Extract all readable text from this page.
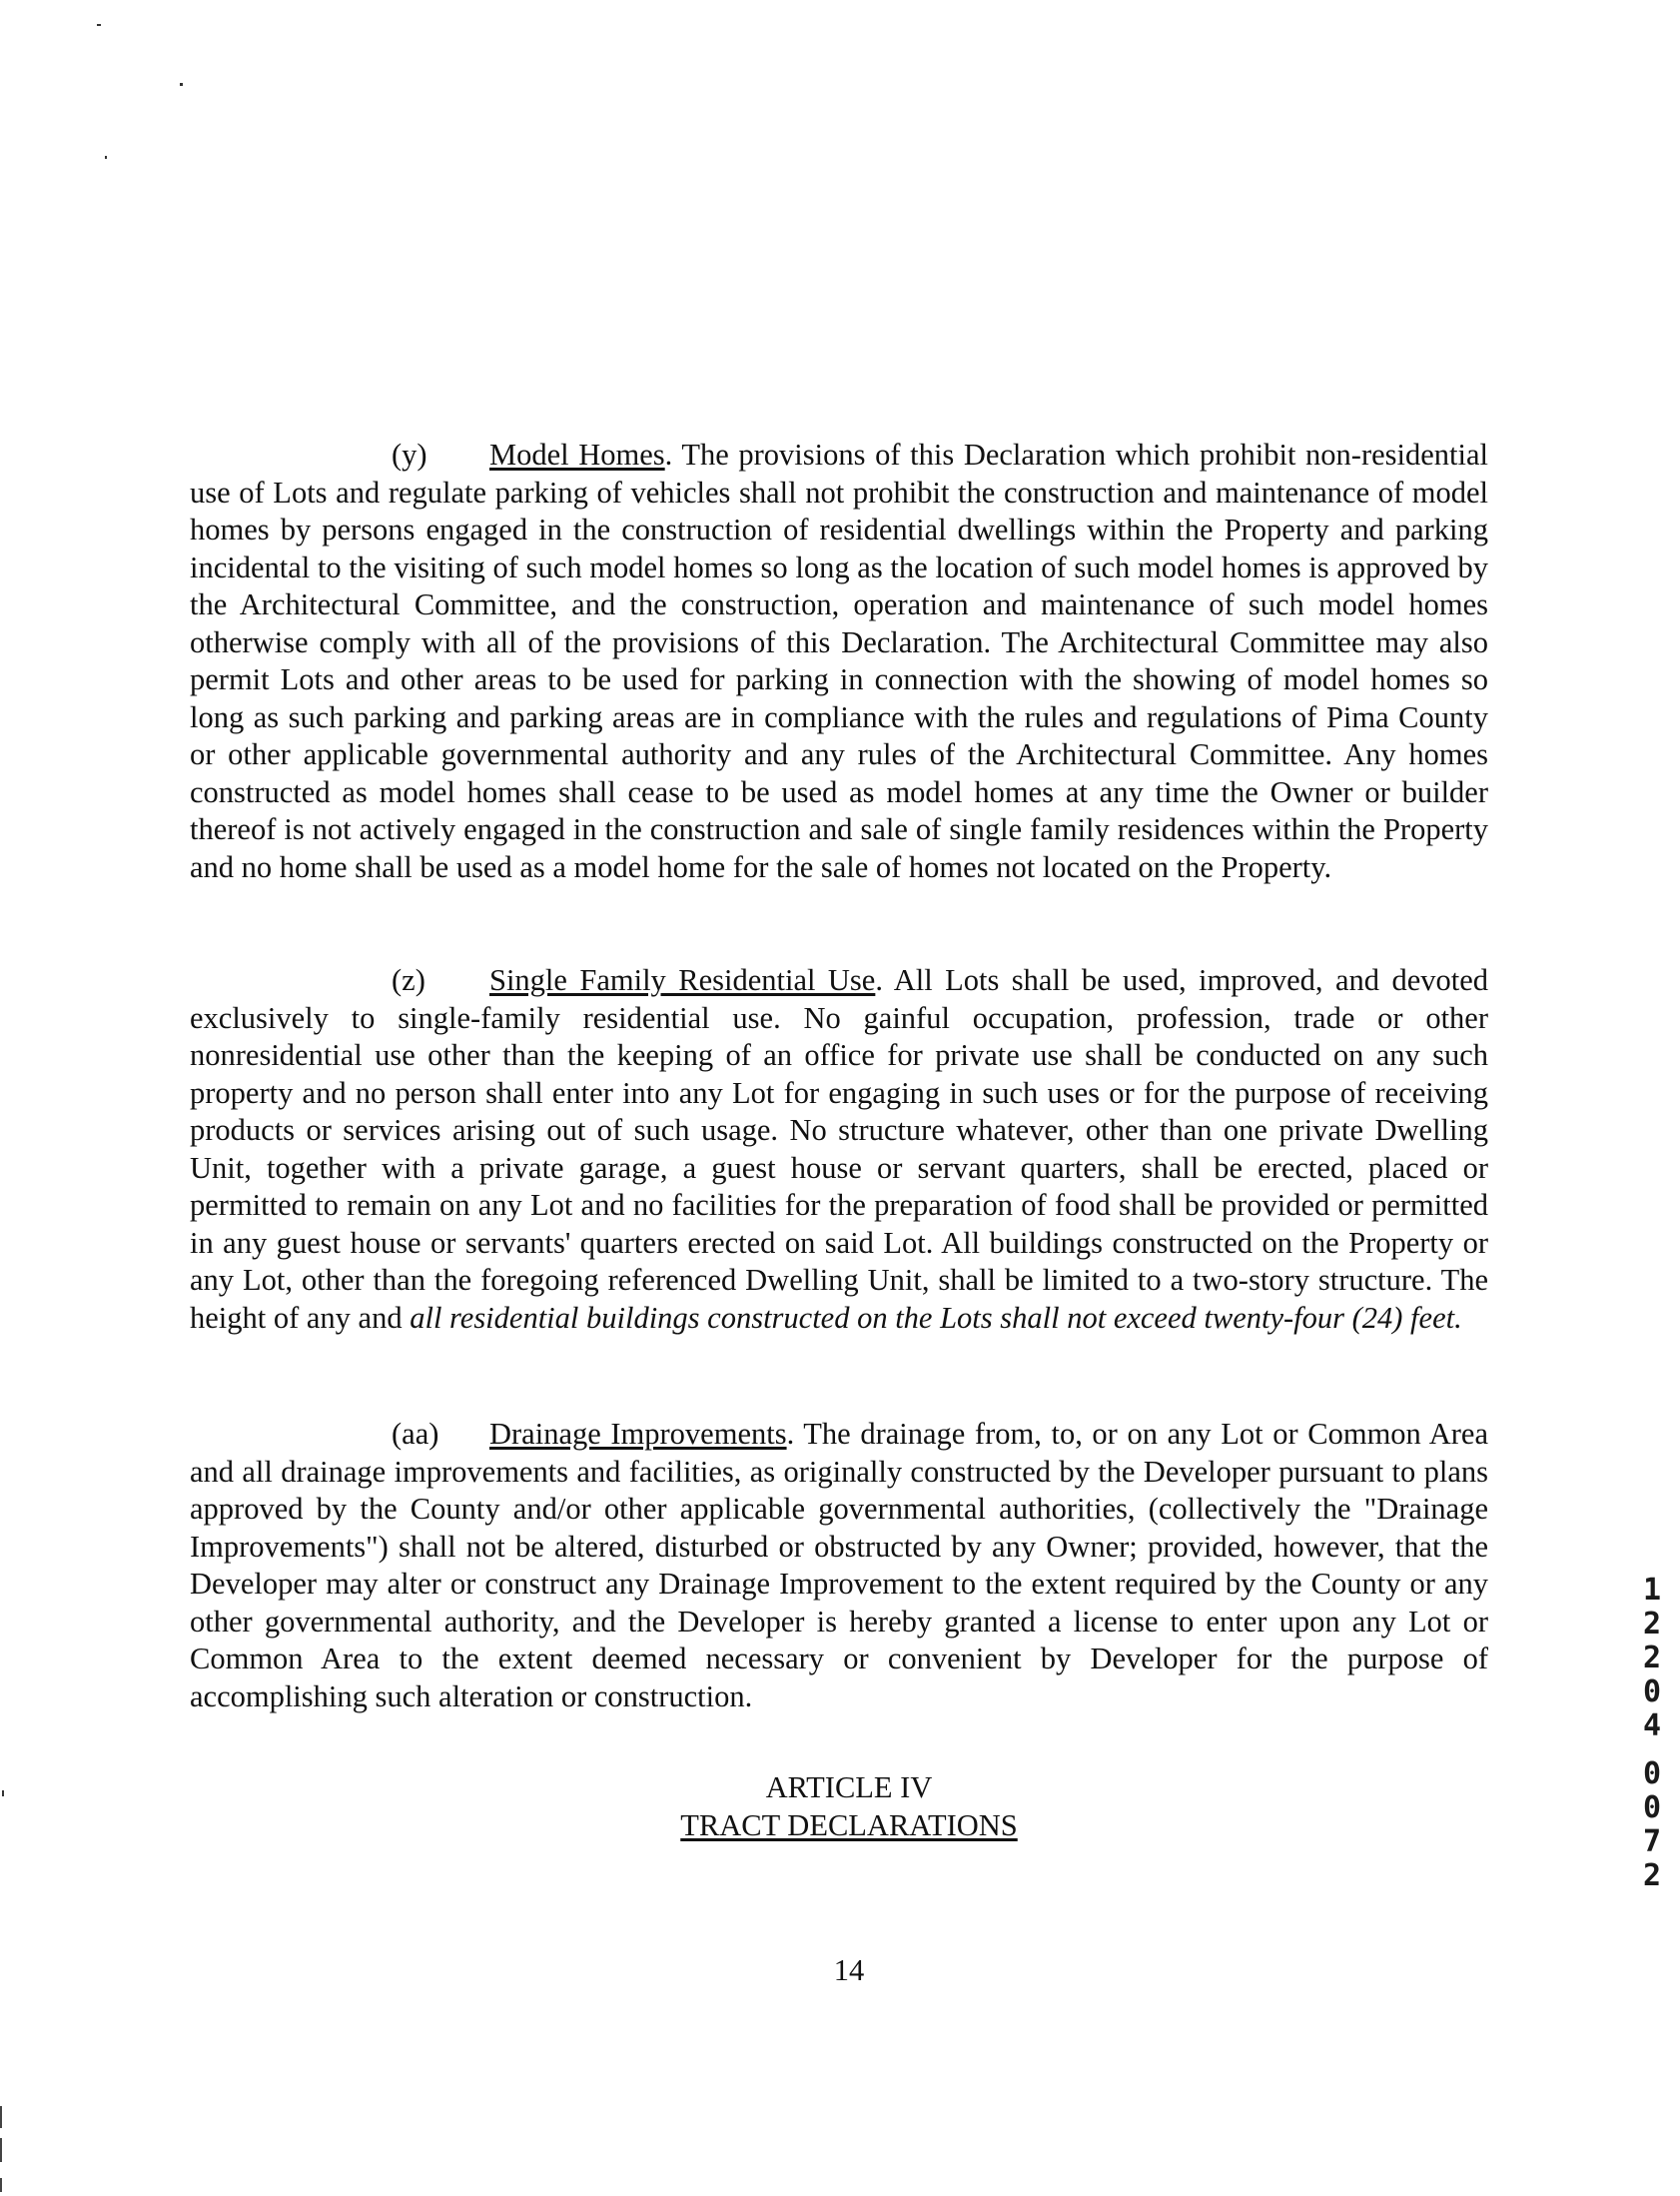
(y) Model Homes. The provisions of this Declaration which prohibit non-residential use of Lots and regulate parking of vehicles shall not prohibit the construction and maintenance of model homes by persons engaged in the construction of residential dwellings within the Property and parking incidental to the visiting of such model homes so long as the location of such model homes is approved by the Architectural Committee, and the construction, operation and maintenance of such model homes otherwise comply with all of the provisions of this Declaration. The Architectural Committee may also permit Lots and other areas to be used for parking in connection with the showing of model homes so long as such parking and parking areas are in compliance with the rules and regulations of Pima County or other applicable governmental authority and any rules of the Architectural Committee. Any homes constructed as model homes shall cease to be used as model homes at any time the Owner or builder thereof is not actively engaged in the construction and sale of single family residences within the Property and no home shall be used as a model home for the sale of homes not located on the Property.

(z) Single Family Residential Use. All Lots shall be used, improved, and devoted exclusively to single-family residential use. No gainful occupation, profession, trade or other nonresidential use other than the keeping of an office for private use shall be conducted on any such property and no person shall enter into any Lot for engaging in such uses or for the purpose of receiving products or services arising out of such usage. No structure whatever, other than one private Dwelling Unit, together with a private garage, a guest house or servant quarters, shall be erected, placed or permitted to remain on any Lot and no facilities for the preparation of food shall be provided or permitted in any guest house or servants' quarters erected on said Lot. All buildings constructed on the Property or any Lot, other than the foregoing referenced Dwelling Unit, shall be limited to a two-story structure. The height of any and all residential buildings constructed on the Lots shall not exceed twenty-four (24) feet.

(aa) Drainage Improvements. The drainage from, to, or on any Lot or Common Area and all drainage improvements and facilities, as originally constructed by the Developer pursuant to plans approved by the County and/or other applicable governmental authorities, (collectively the "Drainage Improvements") shall not be altered, disturbed or obstructed by any Owner; provided, however, that the Developer may alter or construct any Drainage Improvement to the extent required by the County or any other governmental authority, and the Developer is hereby granted a license to enter upon any Lot or Common Area to the extent deemed necessary or convenient by Developer for the purpose of accomplishing such alteration or construction.

ARTICLE IV
TRACT DECLARATIONS
14
1
2
2
0
4
0
0
7
2
